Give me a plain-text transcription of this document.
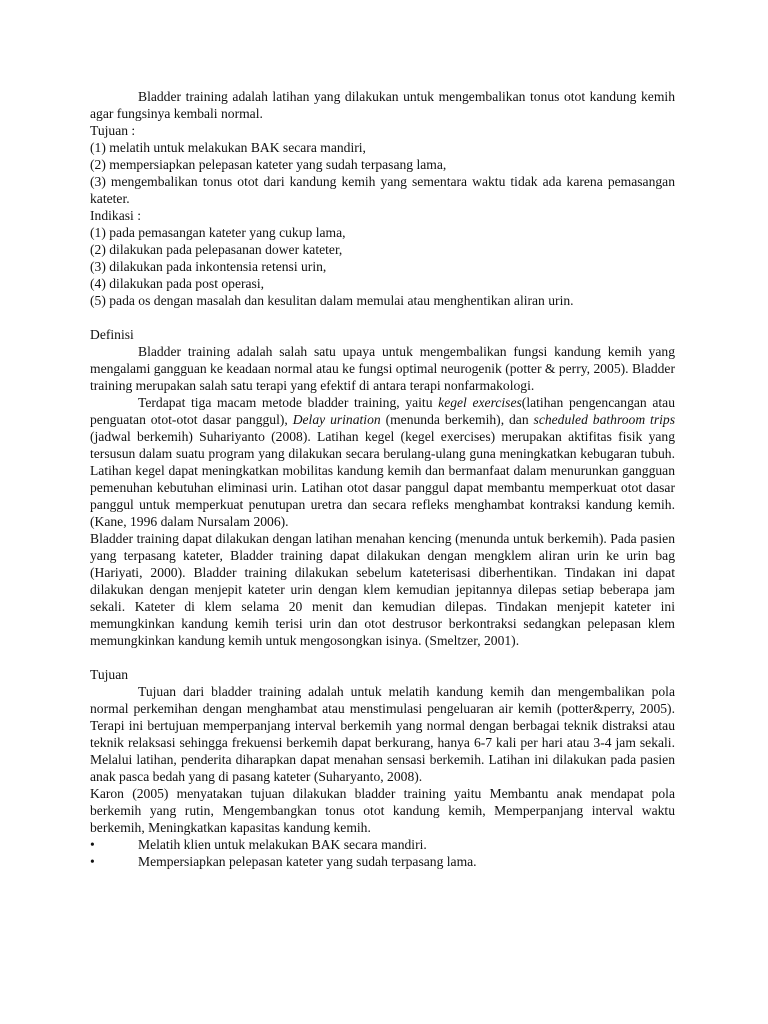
Bladder training adalah latihan yang dilakukan untuk mengembalikan tonus otot kandung kemih agar fungsinya kembali normal.

Tujuan :

(1) melatih untuk melakukan BAK secara mandiri,

(2) mempersiapkan pelepasan kateter yang sudah terpasang lama,

(3) mengembalikan tonus otot dari kandung kemih yang sementara waktu tidak ada karena pemasangan kateter.

Indikasi :

(1) pada pemasangan kateter yang cukup lama,

(2) dilakukan pada pelepasanan dower kateter,

(3) dilakukan pada inkontensia retensi urin,

(4) dilakukan pada post operasi,

(5) pada os dengan masalah dan kesulitan dalam memulai atau menghentikan aliran urin.

Definisi

Bladder training adalah salah satu upaya untuk mengembalikan fungsi kandung kemih yang mengalami gangguan ke keadaan normal atau ke fungsi optimal neurogenik (potter & perry, 2005). Bladder training merupakan salah satu terapi yang efektif di antara terapi nonfarmakologi.

Terdapat tiga macam metode bladder training, yaitu kegel exercises(latihan pengencangan atau penguatan otot-otot dasar panggul), Delay urination (menunda berkemih), dan scheduled bathroom trips (jadwal berkemih) Suhariyanto (2008). Latihan kegel (kegel exercises) merupakan aktifitas fisik yang tersusun dalam suatu program yang dilakukan secara berulang-ulang guna meningkatkan kebugaran tubuh. Latihan kegel dapat meningkatkan mobilitas kandung kemih dan bermanfaat dalam menurunkan gangguan pemenuhan kebutuhan eliminasi urin. Latihan otot dasar panggul dapat membantu memperkuat otot dasar panggul untuk memperkuat penutupan uretra dan secara refleks menghambat kontraksi kandung kemih. (Kane, 1996 dalam Nursalam 2006).

Bladder training dapat dilakukan dengan latihan menahan kencing (menunda untuk berkemih). Pada pasien yang terpasang kateter, Bladder training dapat dilakukan dengan mengklem aliran urin ke urin bag (Hariyati, 2000). Bladder training dilakukan sebelum kateterisasi diberhentikan. Tindakan ini dapat dilakukan dengan menjepit kateter urin dengan klem kemudian jepitannya dilepas setiap beberapa jam sekali. Kateter di klem selama 20 menit dan kemudian dilepas. Tindakan menjepit kateter ini memungkinkan kandung kemih terisi urin dan otot destrusor berkontraksi sedangkan pelepasan klem memungkinkan kandung kemih untuk mengosongkan isinya. (Smeltzer, 2001).

Tujuan

Tujuan dari bladder training adalah untuk melatih kandung kemih dan mengembalikan pola normal perkemihan dengan menghambat atau menstimulasi pengeluaran air kemih (potter&perry, 2005). Terapi ini bertujuan memperpanjang interval berkemih yang normal dengan berbagai teknik distraksi atau teknik relaksasi sehingga frekuensi berkemih dapat berkurang, hanya 6-7 kali per hari atau 3-4 jam sekali. Melalui latihan, penderita diharapkan dapat menahan sensasi berkemih. Latihan ini dilakukan pada pasien anak pasca bedah yang di pasang kateter (Suharyanto, 2008).

Karon (2005) menyatakan tujuan dilakukan bladder training yaitu Membantu anak mendapat pola berkemih yang rutin, Mengembangkan tonus otot kandung kemih, Memperpanjang interval waktu berkemih, Meningkatkan kapasitas kandung kemih.

•	Melatih klien untuk melakukan BAK secara mandiri.
•	Mempersiapkan pelepasan kateter yang sudah terpasang lama.
